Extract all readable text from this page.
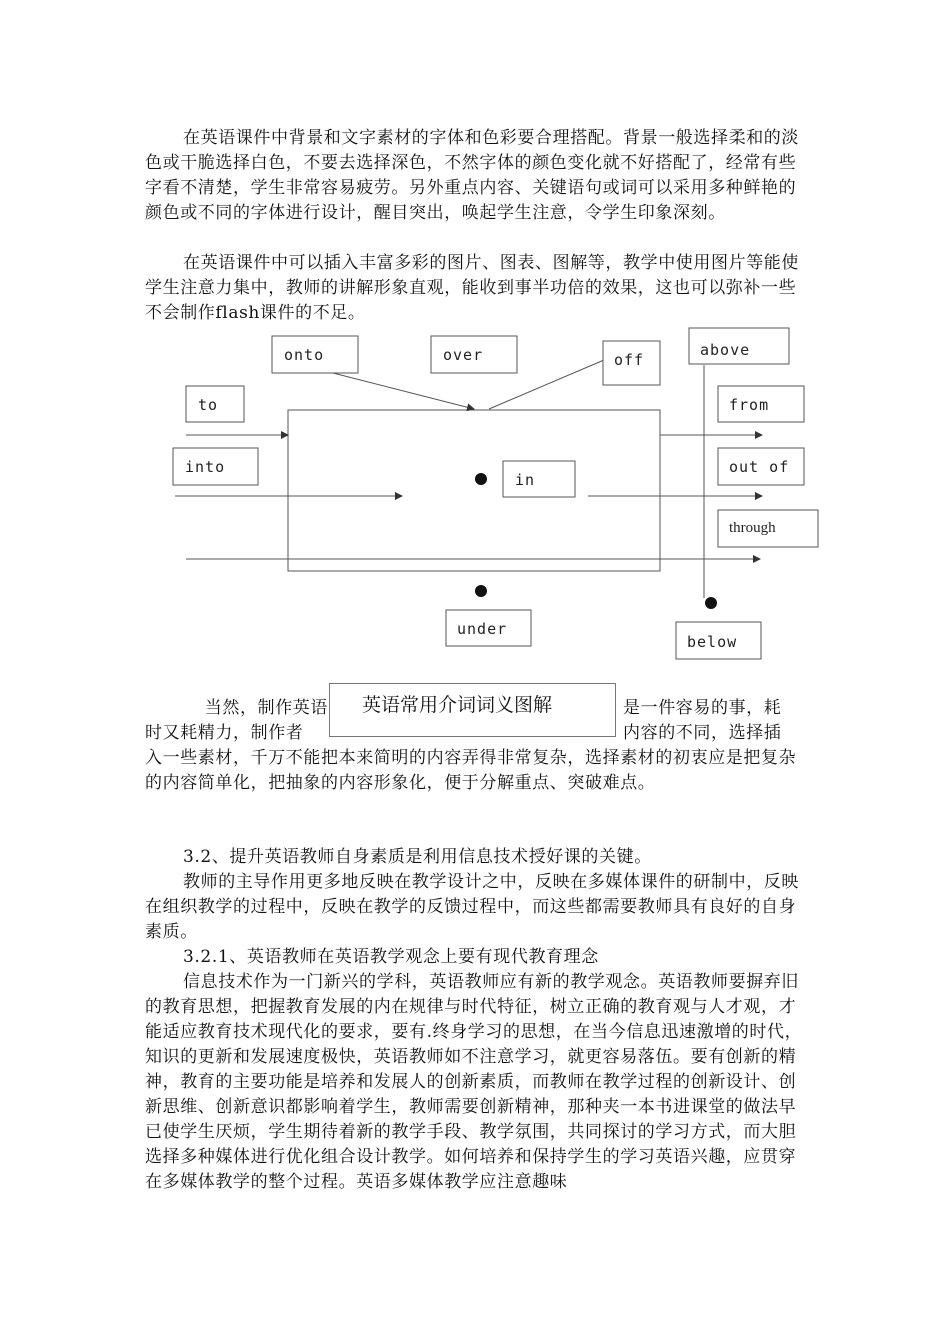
在英语课件中背景和文字素材的字体和色彩要合理搭配。背景一般选择柔和的淡色或干脆选择白色，不要去选择深色，不然字体的颜色变化就不好搭配了，经常有些字看不清楚，学生非常容易疲劳。另外重点内容、关键语句或词可以采用多种鲜艳的颜色或不同的字体进行设计，醒目突出，唤起学生注意，令学生印象深刻。

在英语课件中可以插入丰富多彩的图片、图表、图解等，教学中使用图片等能使学生注意力集中，教师的讲解形象直观，能收到事半功倍的效果，这也可以弥补一些不会制作flash课件的不足。

onto	over	off
above
to	from
into
in
out of
through
under
below

当然，制作英语	是一件容易的事，耗
时又耗精力，制作者	内容的不同，选择插
入一些素材，千万不能把本来简明的内容弄得非常复杂，选择素材的初衷应是把复杂的内容简单化，把抽象的内容形象化，便于分解重点、突破难点。

英语常用介词词义图解

3.2、提升英语教师自身素质是利用信息技术授好课的关键。

教师的主导作用更多地反映在教学设计之中，反映在多媒体课件的研制中，反映在组织教学的过程中，反映在教学的反馈过程中，而这些都需要教师具有良好的自身素质。

3.2.1、英语教师在英语教学观念上要有现代教育理念

信息技术作为一门新兴的学科，英语教师应有新的教学观念。英语教师要摒弃旧的教育思想，把握教育发展的内在规律与时代特征，树立正确的教育观与人才观，才能适应教育技术现代化的要求，要有.终身学习的思想，在当今信息迅速激增的时代，知识的更新和发展速度极快，英语教师如不注意学习，就更容易落伍。要有创新的精神，教育的主要功能是培养和发展人的创新素质，而教师在教学过程的创新设计、创新思维、创新意识都影响着学生，教师需要创新精神，那种夹一本书进课堂的做法早已使学生厌烦，学生期待着新的教学手段、教学氛围，共同探讨的学习方式，而大胆选择多种媒体进行优化组合设计教学。如何培养和保持学生的学习英语兴趣，应贯穿在多媒体教学的整个过程。英语多媒体教学应注意趣味
